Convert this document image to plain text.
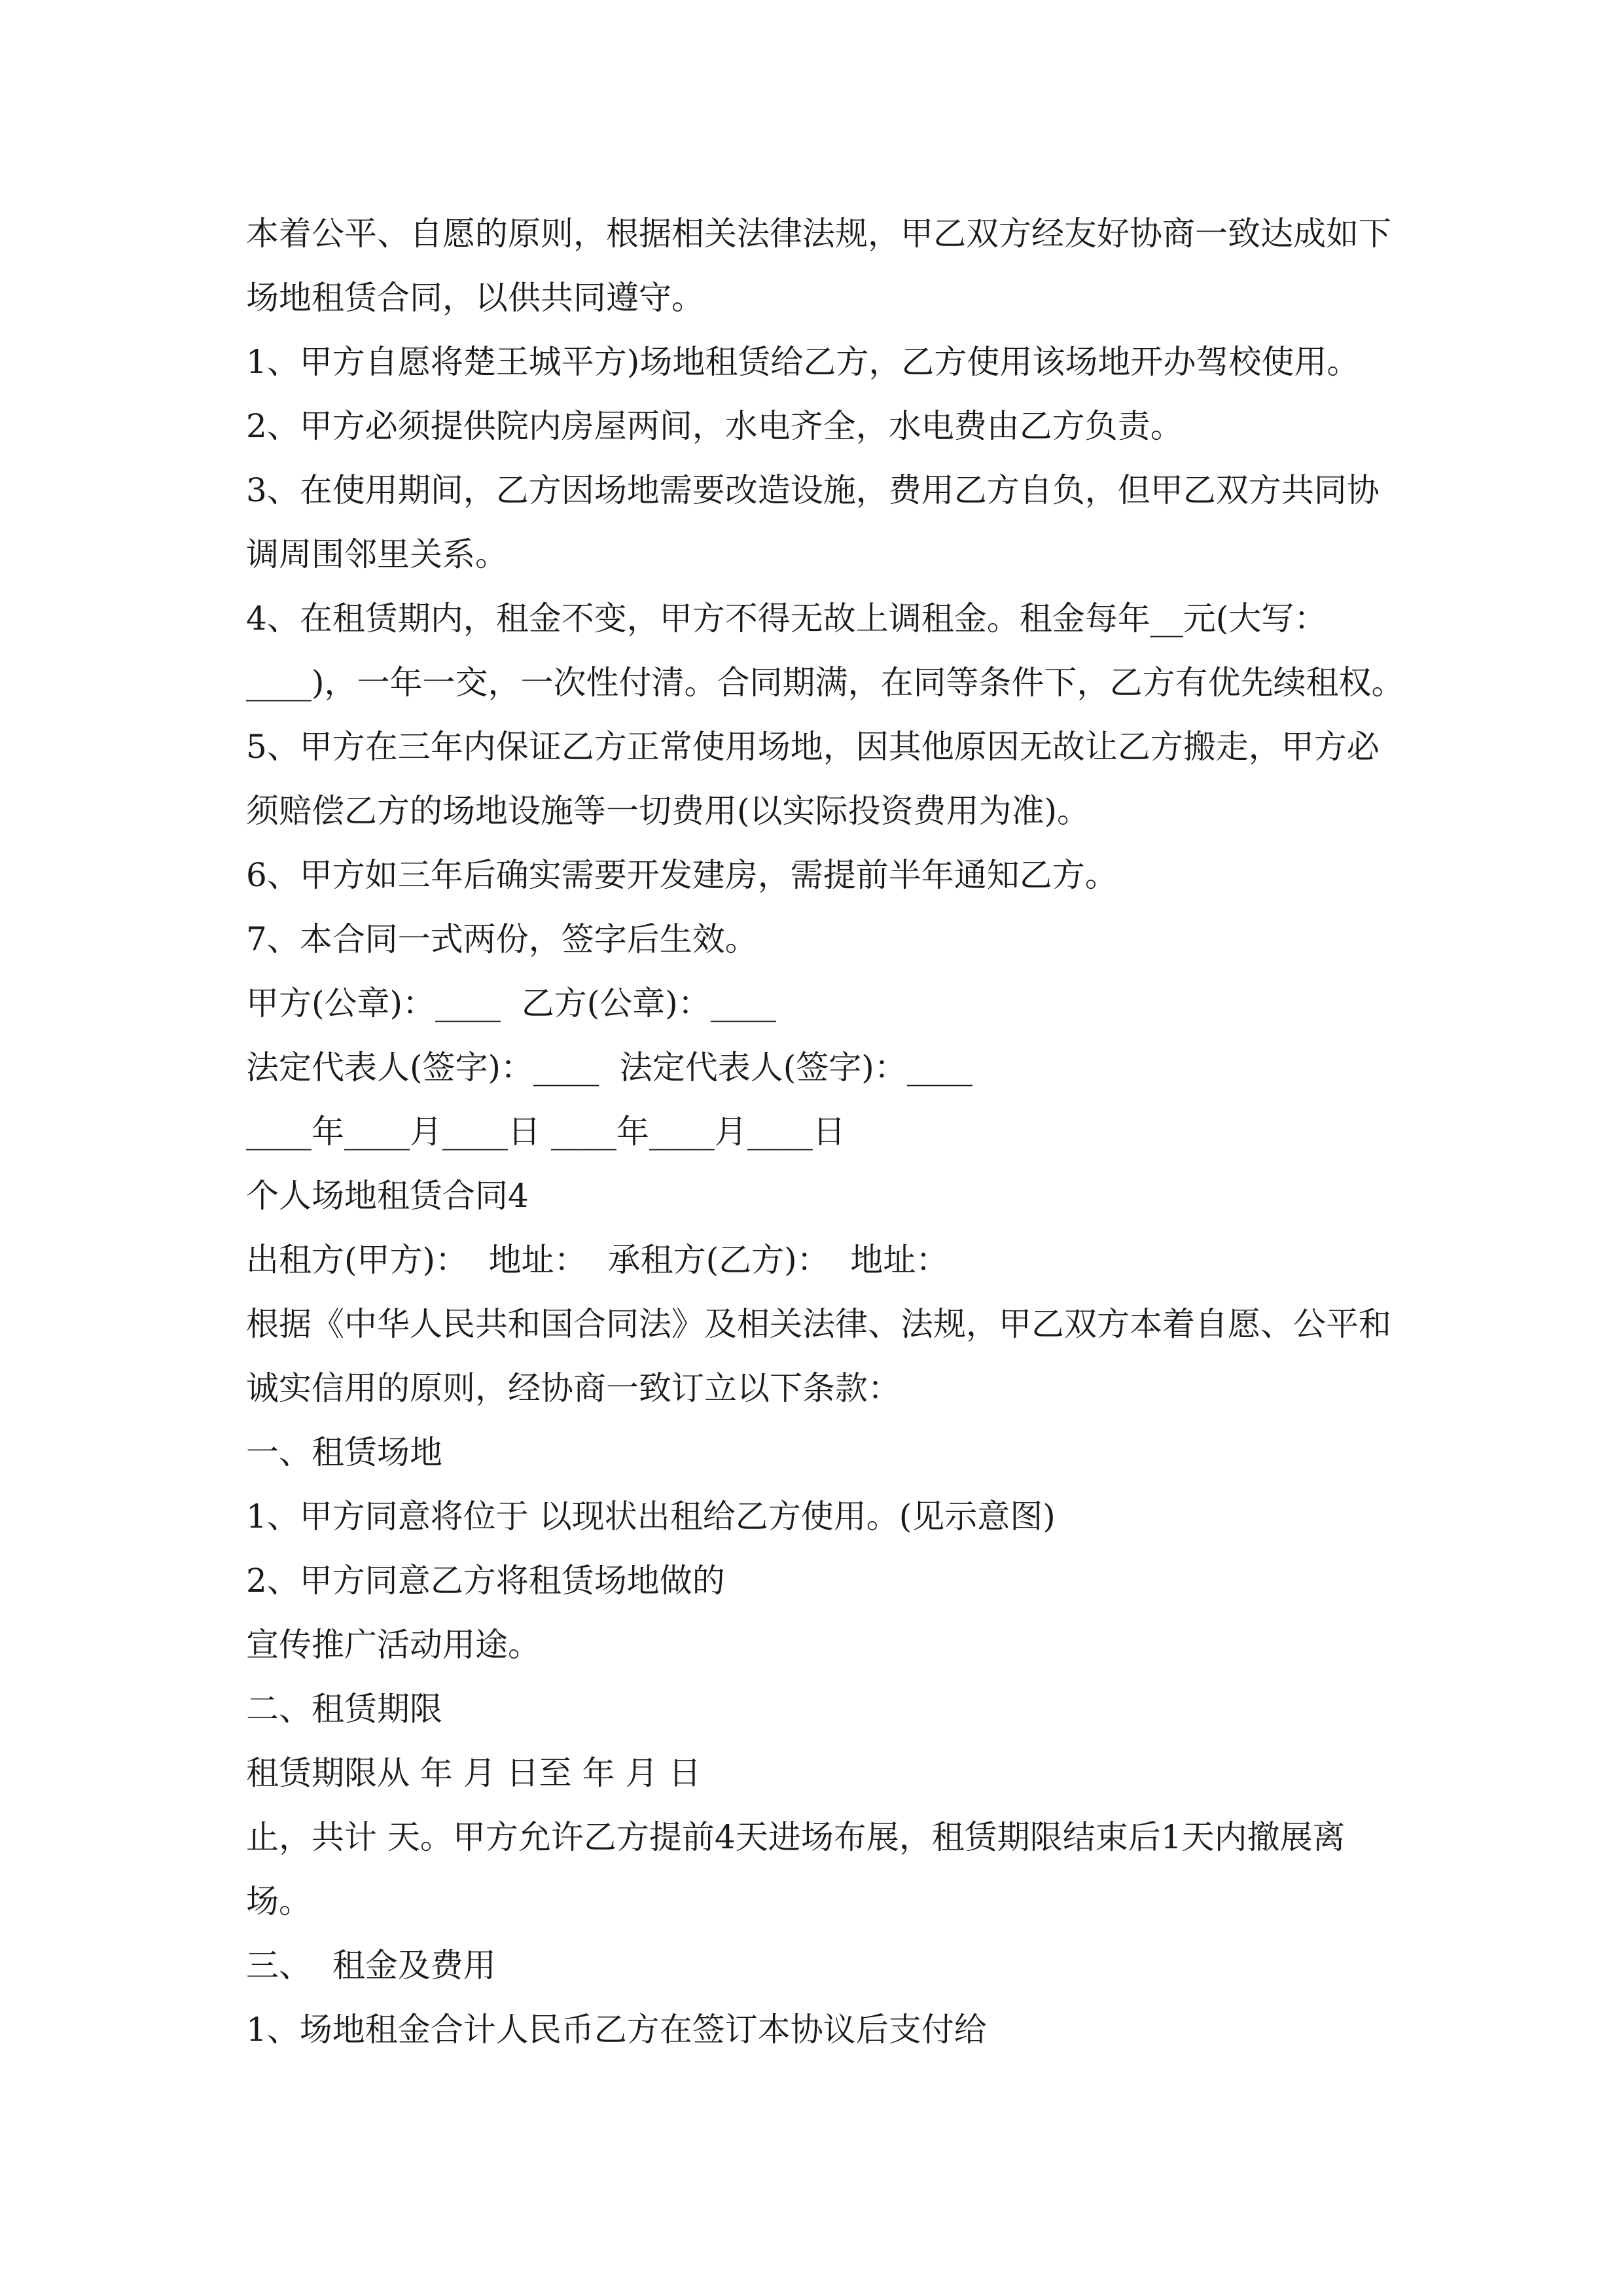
本着公平、自愿的原则，根据相关法律法规，甲乙双方经友好协商一致达成如下

场地租赁合同，以供共同遵守。

1、甲方自愿将楚王城平方)场地租赁给乙方，乙方使用该场地开办驾校使用。

2、甲方必须提供院内房屋两间，水电齐全，水电费由乙方负责。

3、在使用期间，乙方因场地需要改造设施，费用乙方自负，但甲乙双方共同协

调周围邻里关系。

4、在租赁期内，租金不变，甲方不得无故上调租金。租金每年__元(大写：

____)，一年一交，一次性付清。合同期满，在同等条件下，乙方有优先续租权。

5、甲方在三年内保证乙方正常使用场地，因其他原因无故让乙方搬走，甲方必

须赔偿乙方的场地设施等一切费用(以实际投资费用为准)。

6、甲方如三年后确实需要开发建房，需提前半年通知乙方。

7、本合同一式两份，签字后生效。

甲方(公章)：____  乙方(公章)：____

法定代表人(签字)：____  法定代表人(签字)：____

____年____月____日 ____年____月____日

个人场地租赁合同4

出租方(甲方)：  地址：  承租方(乙方)：  地址：

根据《中华人民共和国合同法》及相关法律、法规，甲乙双方本着自愿、公平和

诚实信用的原则，经协商一致订立以下条款：

一、租赁场地

1、甲方同意将位于 以现状出租给乙方使用。(见示意图)

2、甲方同意乙方将租赁场地做的

宣传推广活动用途。

二、租赁期限

租赁期限从 年 月 日至 年 月 日

止，共计 天。甲方允许乙方提前4天进场布展，租赁期限结束后1天内撤展离

场。

三、  租金及费用

1、场地租金合计人民币乙方在签订本协议后支付给
